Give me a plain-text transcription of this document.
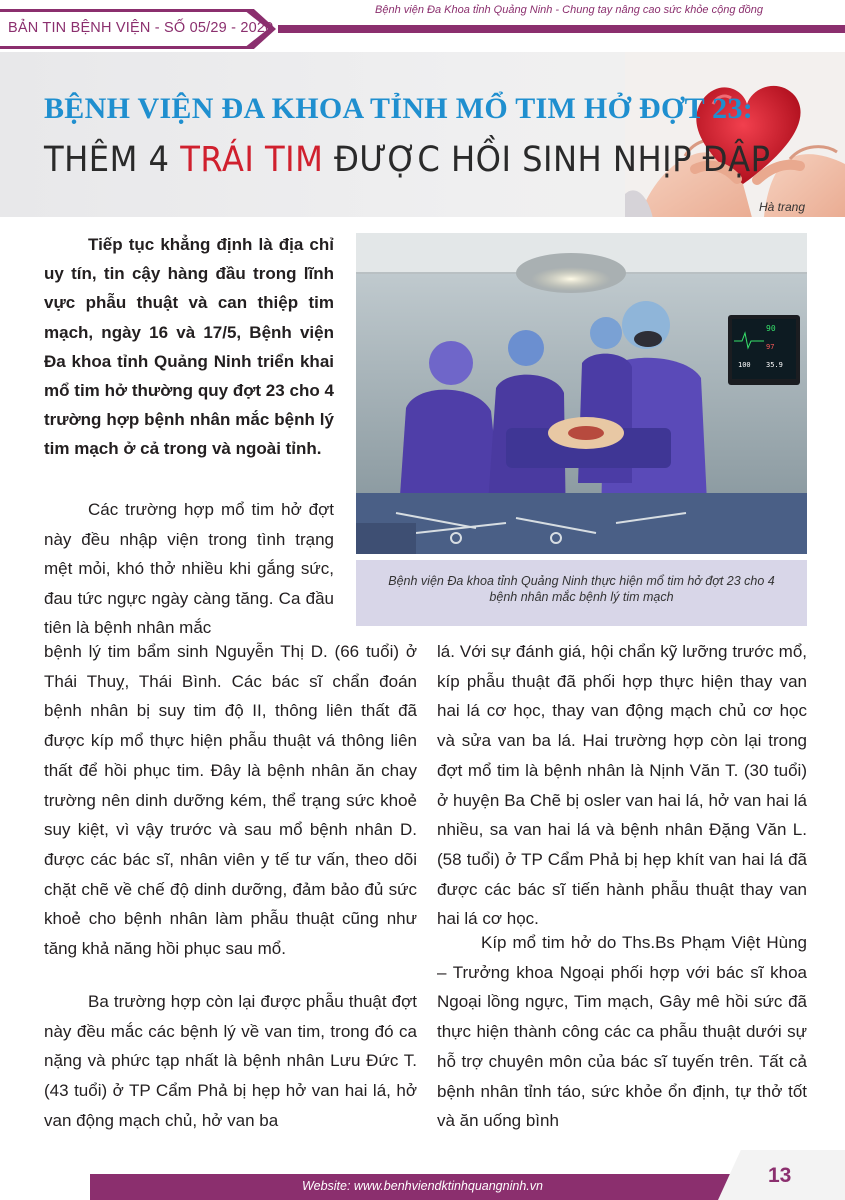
BẢN TIN BỆNH VIỆN - SỐ 05/29 - 2020
Bệnh viện Đa Khoa tỉnh Quảng Ninh - Chung tay nâng cao sức khỏe cộng đồng
BỆNH VIỆN ĐA KHOA TỈNH MỔ TIM HỞ ĐỢT 23:
THÊM 4 TRÁI TIM ĐƯỢC HỒI SINH NHỊP ĐẬP
Hà trang
90
97
100 35.9
Bệnh viện Đa khoa tỉnh Quảng Ninh thực hiện mổ tim hở đợt 23 cho 4 bệnh nhân mắc bệnh lý tim mạch

Tiếp tục khẳng định là địa chỉ uy tín, tin cậy hàng đầu trong lĩnh vực phẫu thuật và can thiệp tim mạch, ngày 16 và 17/5, Bệnh viện Đa khoa tỉnh Quảng Ninh triển khai mổ tim hở thường quy đợt 23 cho 4 trường hợp bệnh nhân mắc bệnh lý tim mạch ở cả trong và ngoài tỉnh.

Các trường hợp mổ tim hở đợt này đều nhập viện trong tình trạng mệt mỏi, khó thở nhiều khi gắng sức, đau tức ngực ngày càng tăng. Ca đầu tiên là bệnh nhân mắc

bệnh lý tim bẩm sinh Nguyễn Thị D. (66 tuổi) ở Thái Thuỵ, Thái Bình. Các bác sĩ chẩn đoán bệnh nhân bị suy tim độ II, thông liên thất đã được kíp mổ thực hiện phẫu thuật vá thông liên thất để hồi phục tim. Đây là bệnh nhân ăn chay trường nên dinh dưỡng kém, thể trạng sức khoẻ suy kiệt, vì vậy trước và sau mổ bệnh nhân D. được các bác sĩ, nhân viên y tế tư vấn, theo dõi chặt chẽ về chế độ dinh dưỡng, đảm bảo đủ sức khoẻ cho bệnh nhân làm phẫu thuật cũng như tăng khả năng hồi phục sau mổ.

Ba trường hợp còn lại được phẫu thuật đợt này đều mắc các bệnh lý về van tim, trong đó ca nặng và phức tạp nhất là bệnh nhân Lưu Đức T. (43 tuổi) ở TP Cẩm Phả bị hẹp hở van hai lá, hở van động mạch chủ, hở van ba

lá. Với sự đánh giá, hội chẩn kỹ lưỡng trước mổ, kíp phẫu thuật đã phối hợp thực hiện thay van hai lá cơ học, thay van động mạch chủ cơ học và sửa van ba lá. Hai trường hợp còn lại trong đợt mổ tim là bệnh nhân là Nịnh Văn T. (30 tuổi) ở huyện Ba Chẽ bị osler van hai lá, hở van hai lá nhiều, sa van hai lá và bệnh nhân Đặng Văn L. (58 tuổi) ở TP Cẩm Phả bị hẹp khít van hai lá đã được các bác sĩ tiến hành phẫu thuật thay van hai lá cơ học.

Kíp mổ tim hở do Ths.Bs Phạm Việt Hùng – Trưởng khoa Ngoại phối hợp với bác sĩ khoa Ngoại lồng ngực, Tim mạch, Gây mê hồi sức đã thực hiện thành công các ca phẫu thuật dưới sự hỗ trợ chuyên môn của bác sĩ tuyến trên. Tất cả bệnh nhân tỉnh táo, sức khỏe ổn định, tự thở tốt và ăn uống bình

Website: www.benhviendktinhquangninh.vn	13
